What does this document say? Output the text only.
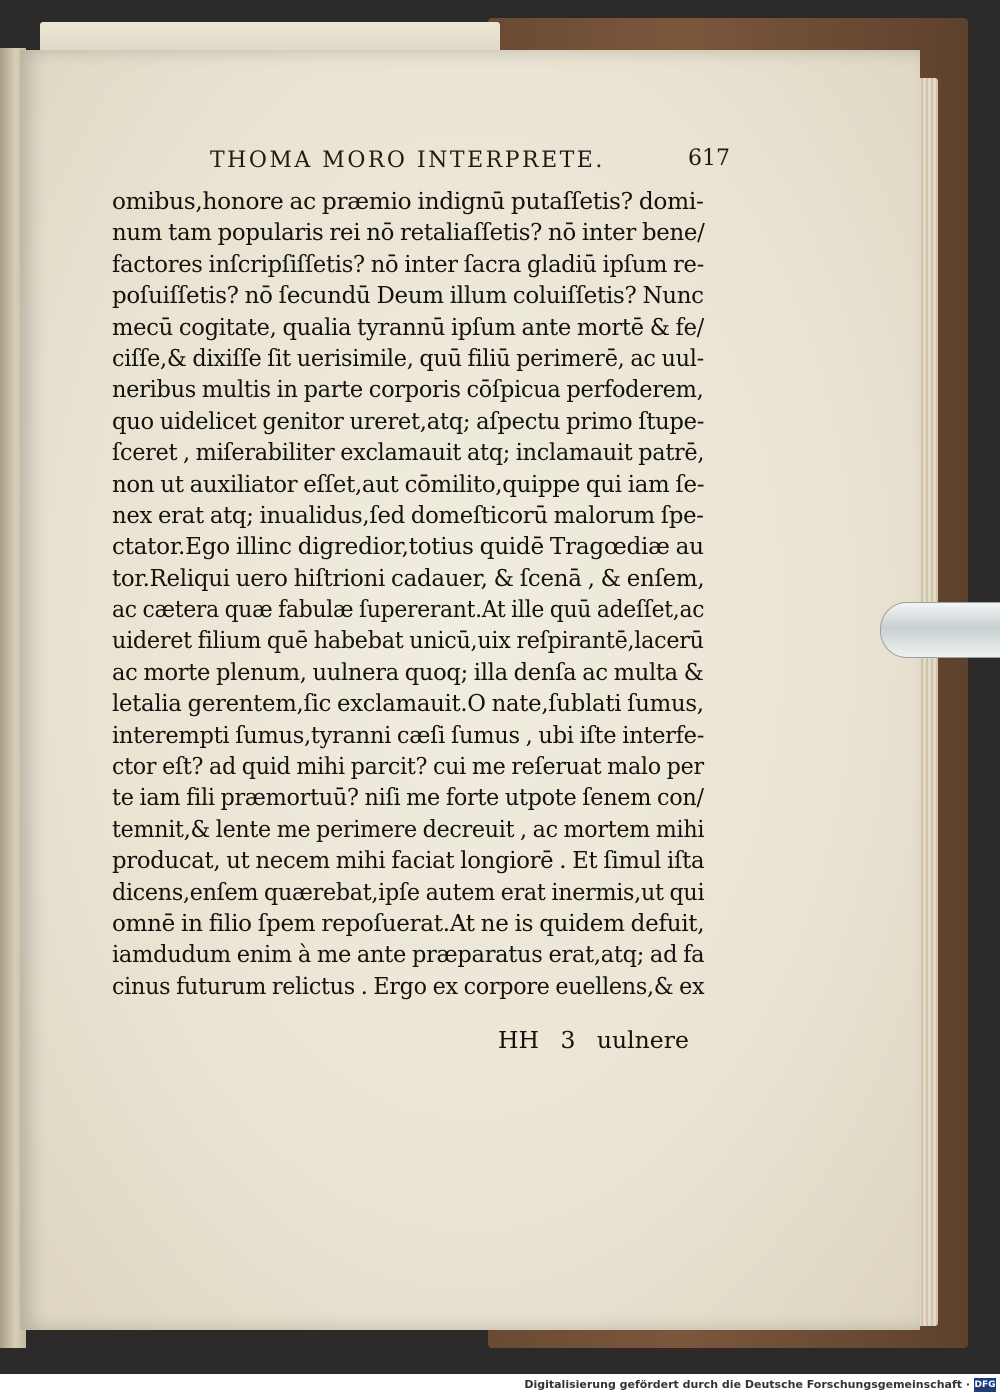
THOMA MORO INTERPRETE.	617
omibus,honore ac præmio indignū putaſſetis? domi-
num tam popularis rei nō retaliaſſetis? nō inter bene/
factores inſcripſiſſetis? nō inter ſacra gladiū ipſum re-
poſuiſſetis? nō ſecundū Deum illum coluiſſetis? Nunc
mecū cogitate, qualia tyrannū ipſum ante mortē & fe/
ciſſe,& dixiſſe ſit uerisimile, quū filiū perimerē, ac uul-
neribus multis in parte corporis cōſpicua perfoderem,
quo uidelicet genitor ureret,atq; aſpectu primo ſtupe-
ſceret , miſerabiliter exclamauit atq; inclamauit patrē,
non ut auxiliator eſſet,aut cōmilito,quippe qui iam ſe-
nex erat atq; inualidus,ſed domeſticorū malorum ſpe-
ctator.Ego illinc digredior,totius quidē Tragœdiæ au
tor.Reliqui uero hiſtrioni cadauer, & ſcenā , & enſem,
ac cætera quæ fabulæ ſupererant.At ille quū adeſſet,ac
uideret filium quē habebat unicū,uix reſpirantē,lacerū
ac morte plenum, uulnera quoq; illa denſa ac multa &
letalia gerentem,ſic exclamauit.O nate,ſublati ſumus,
interempti ſumus,tyranni cæſi ſumus , ubi iſte interfe-
ctor eſt? ad quid mihi parcit? cui me reſeruat malo per
te iam fili præmortuū? niſi me forte utpote ſenem con/
temnit,& lente me perimere decreuit , ac mortem mihi
producat, ut necem mihi faciat longiorē . Et ſimul iſta
dicens,enſem quærebat,ipſe autem erat inermis,ut qui
omnē in filio ſpem repoſuerat.At ne is quidem defuit,
iamdudum enim à me ante præparatus erat,atq; ad fa
cinus futurum relictus . Ergo ex corpore euellens,& ex
HH 3 uulnere
Digitalisierung gefördert durch die Deutsche Forschungsgemeinschaft · DFG
